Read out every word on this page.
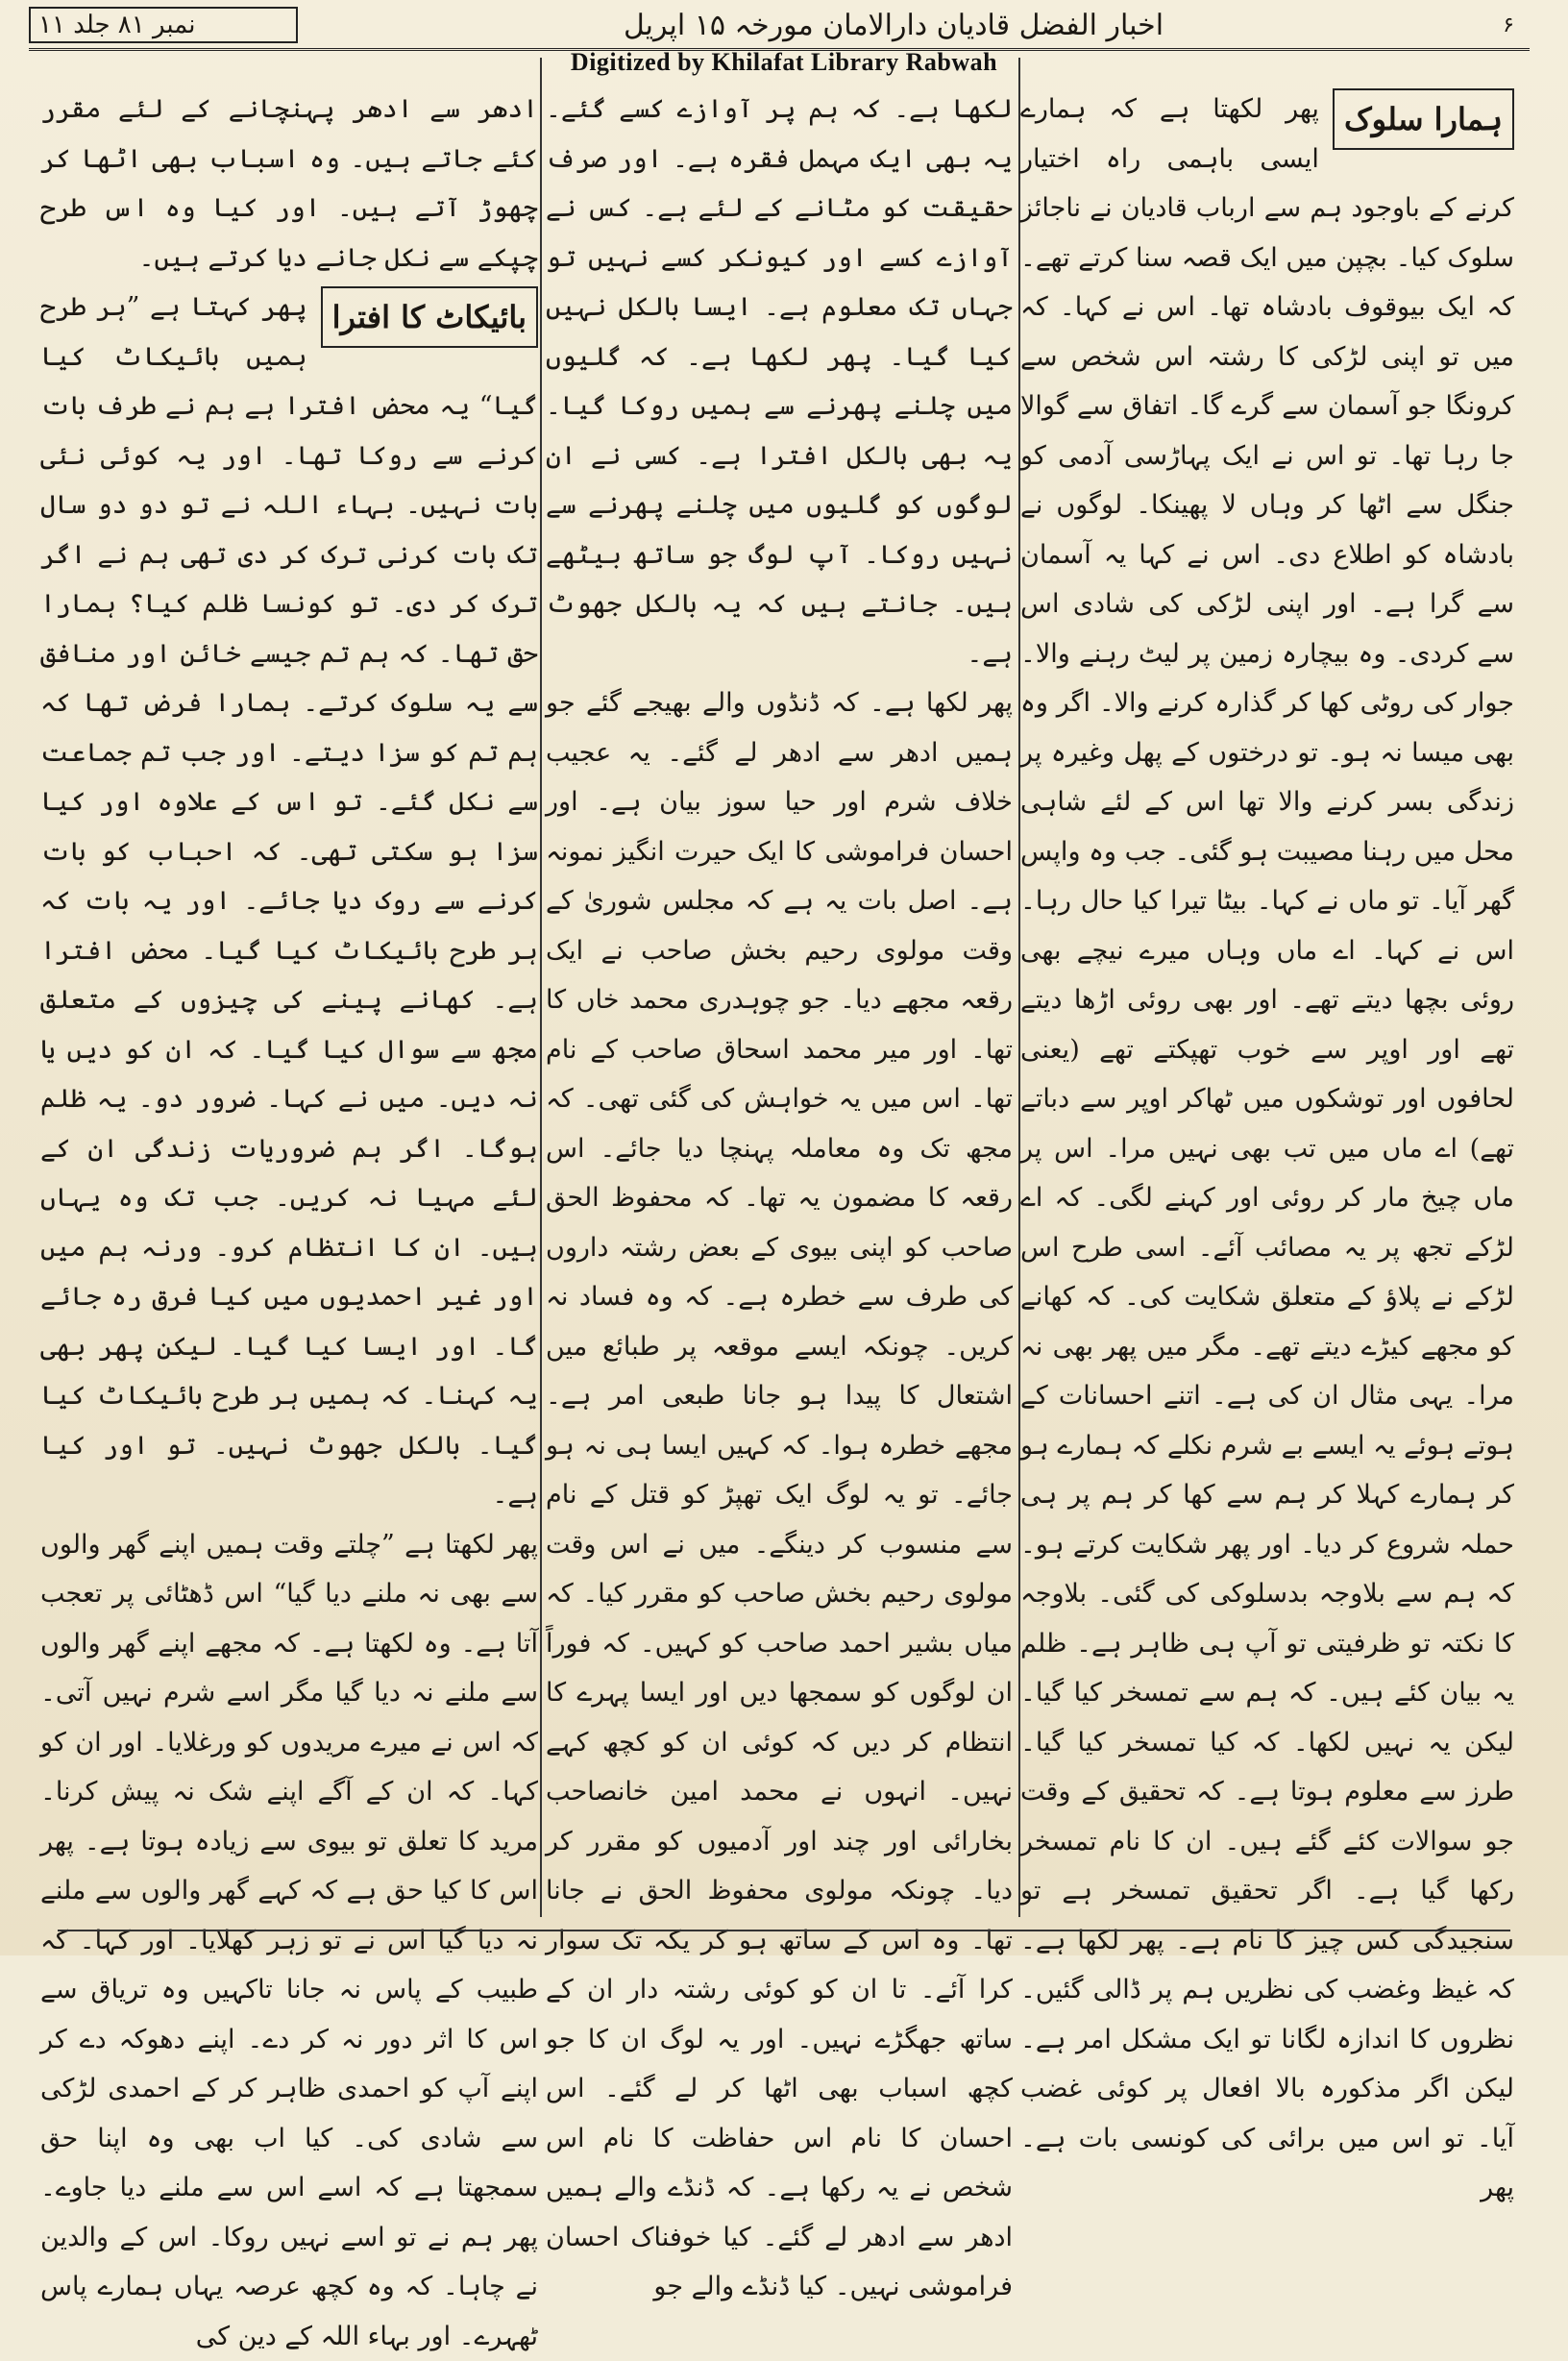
۶
اخبار الفضل قادیان دارالامان مورخہ ۱۵ اپریل
نمبر ۸۱ جلد ۱۱
Digitized by Khilafat Library Rabwah
ہمارا سلوک

پھر لکھتا ہے کہ ہمارے ایسی باہمی راہ اختیار کرنے کے باوجود ہم سے ارباب قادیان نے ناجائز سلوک کیا۔ بچپن میں ایک قصہ سنا کرتے تھے۔ کہ ایک بیوقوف بادشاہ تھا۔ اس نے کہا۔ کہ میں تو اپنی لڑکی کا رشتہ اس شخص سے کرونگا جو آسمان سے گرے گا۔ اتفاق سے گوالا جا رہا تھا۔ تو اس نے ایک پہاڑسی آدمی کو جنگل سے اٹھا کر وہاں لا پھینکا۔ لوگوں نے بادشاہ کو اطلاع دی۔ اس نے کہا یہ آسمان سے گرا ہے۔ اور اپنی لڑکی کی شادی اس سے کردی۔ وہ بیچارہ زمین پر لیٹ رہنے والا۔ جوار کی روٹی کھا کر گذارہ کرنے والا۔ اگر وہ بھی میسا نہ ہو۔ تو درختوں کے پھل وغیرہ پر زندگی بسر کرنے والا تھا اس کے لئے شاہی محل میں رہنا مصیبت ہو گئی۔ جب وہ واپس گھر آیا۔ تو ماں نے کہا۔ بیٹا تیرا کیا حال رہا۔ اس نے کہا۔ اے ماں وہاں میرے نیچے بھی روئی بچھا دیتے تھے۔ اور بھی روئی اڑھا دیتے تھے اور اوپر سے خوب تھپکتے تھے (یعنی لحافوں اور توشکوں میں ٹھاکر اوپر سے دباتے تھے) اے ماں میں تب بھی نہیں مرا۔ اس پر ماں چیخ مار کر روئی اور کہنے لگی۔ کہ اے لڑکے تجھ پر یہ مصائب آئے۔ اسی طرح اس لڑکے نے پلاؤ کے متعلق شکایت کی۔ کہ کھانے کو مجھے کیڑے دیتے تھے۔ مگر میں پھر بھی نہ مرا۔ یہی مثال ان کی ہے۔ اتنے احسانات کے ہوتے ہوئے یہ ایسے بے شرم نکلے کہ ہمارے ہو کر ہمارے کہلا کر ہم سے کھا کر ہم پر ہی حملہ شروع کر دیا۔ اور پھر شکایت کرتے ہو۔ کہ ہم سے بلاوجہ بدسلوکی کی گئی۔ بلاوجہ کا نکتہ تو ظرفیتی تو آپ ہی ظاہر ہے۔ ظلم یہ بیان کئے ہیں۔ کہ ہم سے تمسخر کیا گیا۔ لیکن یہ نہیں لکھا۔ کہ کیا تمسخر کیا گیا۔ طرز سے معلوم ہوتا ہے۔ کہ تحقیق کے وقت جو سوالات کئے گئے ہیں۔ ان کا نام تمسخر رکھا گیا ہے۔ اگر تحقیق تمسخر ہے تو سنجیدگی کس چیز کا نام ہے۔ پھر لکھا ہے۔ کہ غیظ وغضب کی نظریں ہم پر ڈالی گئیں۔ نظروں کا اندازہ لگانا تو ایک مشکل امر ہے۔ لیکن اگر مذکورہ بالا افعال پر کوئی غضب آیا۔ تو اس میں برائی کی کونسی بات ہے۔ پھر

لکھا ہے۔ کہ ہم پر آوازے کسے گئے۔ یہ بھی ایک مہمل فقرہ ہے۔ اور صرف حقیقت کو مٹانے کے لئے ہے۔ کس نے آوازے کسے اور کیونکر کسے نہیں تو جہاں تک معلوم ہے۔ ایسا بالکل نہیں کیا گیا۔ پھر لکھا ہے۔ کہ گلیوں میں چلنے پھرنے سے ہمیں روکا گیا۔ یہ بھی بالکل افترا ہے۔ کسی نے ان لوگوں کو گلیوں میں چلنے پھرنے سے نہیں روکا۔ آپ لوگ جو ساتھ بیٹھے ہیں۔ جانتے ہیں کہ یہ بالکل جھوٹ ہے۔

پھر لکھا ہے۔ کہ ڈنڈوں والے بھیجے گئے جو ہمیں ادھر سے ادھر لے گئے۔ یہ عجیب خلاف شرم اور حیا سوز بیان ہے۔ اور احسان فراموشی کا ایک حیرت انگیز نمونہ ہے۔ اصل بات یہ ہے کہ مجلس شوریٰ کے وقت مولوی رحیم بخش صاحب نے ایک رقعہ مجھے دیا۔ جو چوہدری محمد خاں کا تھا۔ اور میر محمد اسحاق صاحب کے نام تھا۔ اس میں یہ خواہش کی گئی تھی۔ کہ مجھ تک وہ معاملہ پہنچا دیا جائے۔ اس رقعہ کا مضمون یہ تھا۔ کہ محفوظ الحق صاحب کو اپنی بیوی کے بعض رشتہ داروں کی طرف سے خطرہ ہے۔ کہ وہ فساد نہ کریں۔ چونکہ ایسے موقعہ پر طبائع میں اشتعال کا پیدا ہو جانا طبعی امر ہے۔ مجھے خطرہ ہوا۔ کہ کہیں ایسا ہی نہ ہو جائے۔ تو یہ لوگ ایک تھپڑ کو قتل کے نام سے منسوب کر دینگے۔ میں نے اس وقت مولوی رحیم بخش صاحب کو مقرر کیا۔ کہ میاں بشیر احمد صاحب کو کہیں۔ کہ فوراً ان لوگوں کو سمجھا دیں اور ایسا پہرے کا انتظام کر دیں کہ کوئی ان کو کچھ کہے نہیں۔ انہوں نے محمد امین خانصاحب بخارائی اور چند اور آدمیوں کو مقرر کر دیا۔ چونکہ مولوی محفوظ الحق نے جانا تھا۔ وہ اس کے ساتھ ہو کر یکہ تک سوار کرا آئے۔ تا ان کو کوئی رشتہ دار ان کے ساتھ جھگڑے نہیں۔ اور یہ لوگ ان کا جو کچھ اسباب بھی اٹھا کر لے گئے۔ اس احسان کا نام اس حفاظت کا نام اس شخص نے یہ رکھا ہے۔ کہ ڈنڈے والے ہمیں ادھر سے ادھر لے گئے۔ کیا خوفناک احسان فراموشی نہیں۔ کیا ڈنڈے والے جو

ادھر سے ادھر پہنچانے کے لئے مقرر کئے جاتے ہیں۔ وہ اسباب بھی اٹھا کر چھوڑ آتے ہیں۔ اور کیا وہ اس طرح چپکے سے نکل جانے دیا کرتے ہیں۔

بائیکاٹ کا افترا

پھر کہتا ہے ”ہر طرح ہمیں بائیکاٹ کیا گیا“ یہ محض افترا ہے ہم نے طرف بات کرنے سے روکا تھا۔ اور یہ کوئی نئی بات نہیں۔ بہاء اللہ نے تو دو دو سال تک بات کرنی ترک کر دی تھی ہم نے اگر ترک کر دی۔ تو کونسا ظلم کیا؟ ہمارا حق تھا۔ کہ ہم تم جیسے خائن اور منافق سے یہ سلوک کرتے۔ ہمارا فرض تھا کہ ہم تم کو سزا دیتے۔ اور جب تم جماعت سے نکل گئے۔ تو اس کے علاوہ اور کیا سزا ہو سکتی تھی۔ کہ احباب کو بات کرنے سے روک دیا جائے۔ اور یہ بات کہ ہر طرح بائیکاٹ کیا گیا۔ محض افترا ہے۔ کھانے پینے کی چیزوں کے متعلق مجھ سے سوال کیا گیا۔ کہ ان کو دیں یا نہ دیں۔ میں نے کہا۔ ضرور دو۔ یہ ظلم ہوگا۔ اگر ہم ضروریات زندگی ان کے لئے مہیا نہ کریں۔ جب تک وہ یہاں ہیں۔ ان کا انتظام کرو۔ ورنہ ہم میں اور غیر احمدیوں میں کیا فرق رہ جائے گا۔ اور ایسا کیا گیا۔ لیکن پھر بھی یہ کہنا۔ کہ ہمیں ہر طرح بائیکاٹ کیا گیا۔ بالکل جھوٹ نہیں۔ تو اور کیا ہے۔

پھر لکھتا ہے ”چلتے وقت ہمیں اپنے گھر والوں سے بھی نہ ملنے دیا گیا“ اس ڈھٹائی پر تعجب آتا ہے۔ وہ لکھتا ہے۔ کہ مجھے اپنے گھر والوں سے ملنے نہ دیا گیا مگر اسے شرم نہیں آتی۔ کہ اس نے میرے مریدوں کو ورغلایا۔ اور ان کو کہا۔ کہ ان کے آگے اپنے شک نہ پیش کرنا۔ مرید کا تعلق تو بیوی سے زیادہ ہوتا ہے۔ پھر اس کا کیا حق ہے کہ کہے گھر والوں سے ملنے نہ دیا گیا اس نے تو زہر کھلایا۔ اور کہا۔ کہ طبیب کے پاس نہ جانا تاکہیں وہ تریاق سے اس کا اثر دور نہ کر دے۔ اپنے دھوکہ دے کر اپنے آپ کو احمدی ظاہر کر کے احمدی لڑکی سے شادی کی۔ کیا اب بھی وہ اپنا حق سمجھتا ہے کہ اسے اس سے ملنے دیا جاوے۔ پھر ہم نے تو اسے نہیں روکا۔ اس کے والدین نے چاہا۔ کہ وہ کچھ عرصہ یہاں ہمارے پاس ٹھہرے۔ اور بہاء اللہ کے دین کی
